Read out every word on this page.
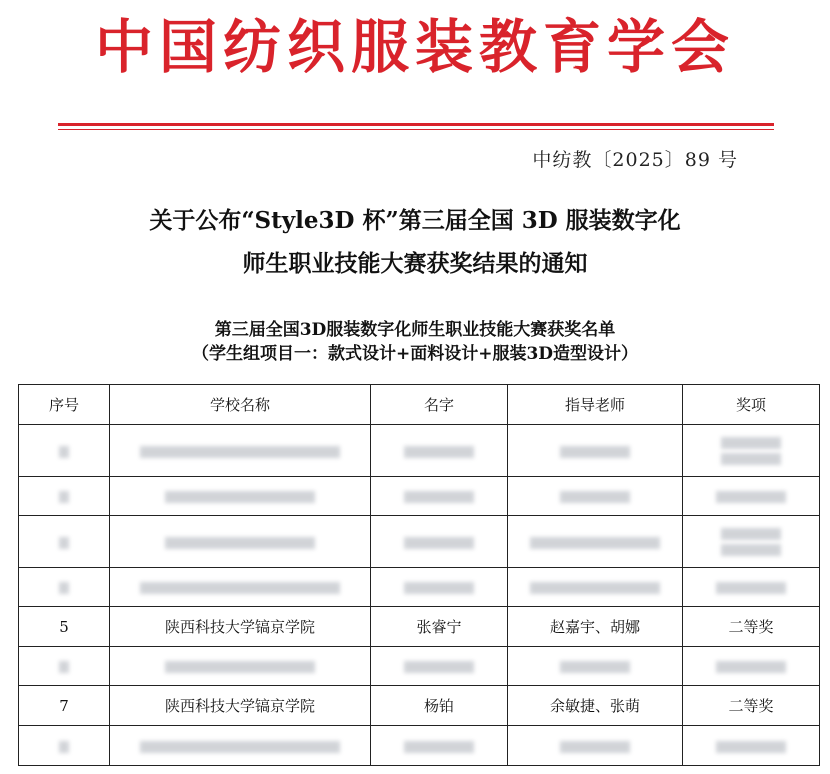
中国纺织服装教育学会
中纺教〔2025〕89 号
关于公布“Style3D 杯”第三届全国 3D 服装数字化
师生职业技能大赛获奖结果的通知
第三届全国3D服装数字化师生职业技能大赛获奖名单
（学生组项目一：款式设计+面料设计+服装3D造型设计）
序号	学校名称	名字	指导老师	奖项

5	陕西科技大学镐京学院	张睿宁	赵嘉宇、胡娜	二等奖

7	陕西科技大学镐京学院	杨铂	余敏捷、张萌	二等奖
